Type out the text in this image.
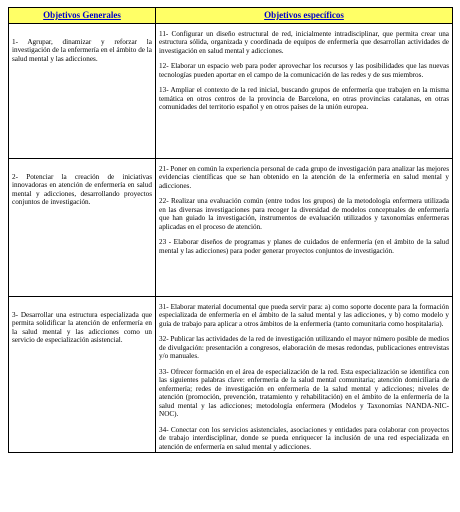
Objetivos Generales	Objetivos específicos

1- Agrupar, dinamizar y reforzar la investigación de la enfermería en el ámbito de la salud mental y las adicciones.	11- Configurar un diseño estructural de red, inicialmente intradisciplinar, que permita crear una estructura sólida, organizada y coordinada de equipos de enfermería que desarrollan actividades de investigación en salud mental y adicciones.

12- Elaborar un espacio web para poder aprovechar los recursos y las posibilidades que las nuevas tecnologías pueden aportar en el campo de la comunicación de las redes y de sus miembros.

13- Ampliar el contexto de la red inicial, buscando grupos de enfermería que trabajen en la misma temática en otros centros de la provincia de Barcelona, en otras provincias catalanas, en otras comunidades del territorio español y en otros países de la unión europea.

2- Potenciar la creación de iniciativas innovadoras en atención de enfermería en salud mental y adicciones, desarrollando proyectos conjuntos de investigación.	21- Poner en común la experiencia personal de cada grupo de investigación para analizar las mejores evidencias científicas que se han obtenido en la atención de la enfermería en salud mental y adicciones.

22- Realizar una evaluación común (entre todos los grupos) de la metodología enfermera utilizada en las diversas investigaciones para recoger la diversidad de modelos conceptuales de enfermería que han guiado la investigación, instrumentos de evaluación utilizados y taxonomías enfermeras aplicadas en el proceso de atención.

23 - Elaborar diseños de programas y planes de cuidados de enfermería (en el ámbito de la salud mental y las adicciones) para poder generar proyectos conjuntos de investigación.

3- Desarrollar una estructura especializada que permita solidificar la atención de enfermería en la salud mental y las adicciones como un servicio de especialización asistencial.	31- Elaborar material documental que pueda servir para: a) como soporte docente para la formación especializada de enfermería en el ámbito de la salud mental y las adicciones, y b) como modelo y guía de trabajo para aplicar a otros ámbitos de la enfermería (tanto comunitaria como hospitalaria).

32- Publicar las actividades de la red de investigación utilizando el mayor número posible de medios de divulgación: presentación a congresos, elaboración de mesas redondas, publicaciones entrevistas y/o manuales.

33- Ofrecer formación en el área de especialización de la red. Esta especialización se identifica con las siguientes palabras clave: enfermería de la salud mental comunitaria; atención domiciliaria de enfermería; redes de investigación en enfermería de la salud mental y adicciones; niveles de atención (promoción, prevención, tratamiento y rehabilitación) en el ámbito de la enfermería de la salud mental y las adicciones; metodología enfermera (Modelos y Taxonomías NANDA-NIC-NOC).

34- Conectar con los servicios asistenciales, asociaciones y entidades para colaborar con proyectos de trabajo interdisciplinar, donde se pueda enriquecer la inclusión de una red especializada en atención de enfermería en salud mental y adicciones.
